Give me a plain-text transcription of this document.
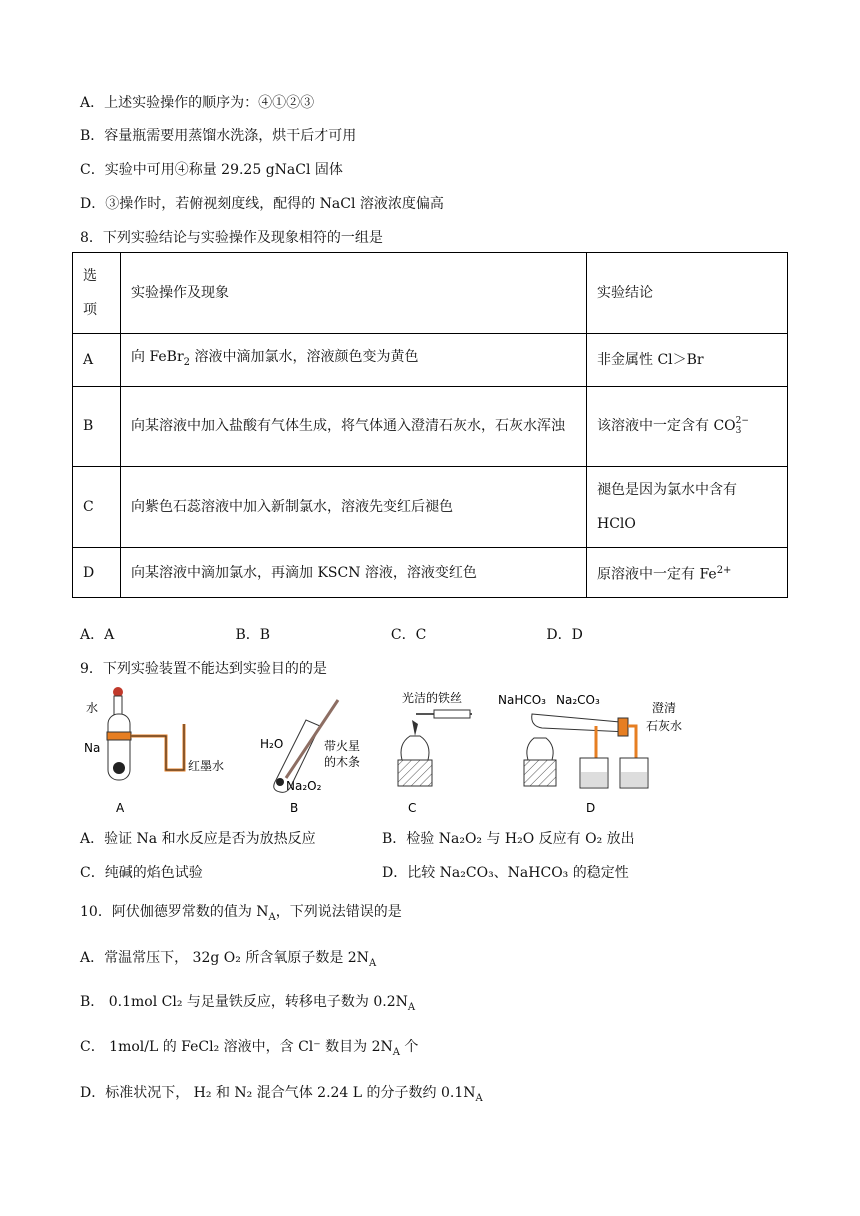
A．上述实验操作的顺序为：④①②③
B．容量瓶需要用蒸馏水洗涤，烘干后才可用
C．实验中可用④称量 29.25 gNaCl 固体
D．③操作时，若俯视刻度线，配得的 NaCl 溶液浓度偏高
8．下列实验结论与实验操作及现象相符的一组是
选
项	实验操作及现象	实验结论
A	向 FeBr$_2$ 溶液中滴加氯水，溶液颜色变为黄色	非金属性 Cl＞Br
B	向某溶液中加入盐酸有气体生成，将气体通入澄清石灰水，石灰水浑浊	该溶液中一定含有 CO 2−
3

C	向紫色石蕊溶液中加入新制氯水，溶液先变红后褪色	褪色是因为氯水中含有 HClO
D	向某溶液中滴加氯水，再滴加 KSCN 溶液，溶液变红色	原溶液中一定有 $Fe^{2+}$
A．A	B．B	C．C	D．D
9．下列实验装置不能达到实验目的的是
水
Na
红墨水
A
H₂O	带火星
的木条
Na₂O₂
B
光洁的铁丝
C
NaHCO₃ Na₂CO₃
澄清
石灰水
D
A．验证 Na 和水反应是否为放热反应	B．检验 Na₂O₂ 与 H₂O 反应有 O₂ 放出
C．纯碱的焰色试验	D．比较 Na₂CO₃、NaHCO₃ 的稳定性
10．阿伏伽德罗常数的值为 $N_A$，下列说法错误的是
A．常温常压下， 32g O₂ 所含氧原子数是 $2N_A$
B． 0.1mol Cl₂ 与足量铁反应，转移电子数为 $0.2N_A$
C． 1mol/L 的 FeCl₂ 溶液中，含 Cl⁻ 数目为 $2N_A$ 个
D．标准状况下， H₂ 和 N₂ 混合气体 2.24 L 的分子数约 $0.1N_A$
